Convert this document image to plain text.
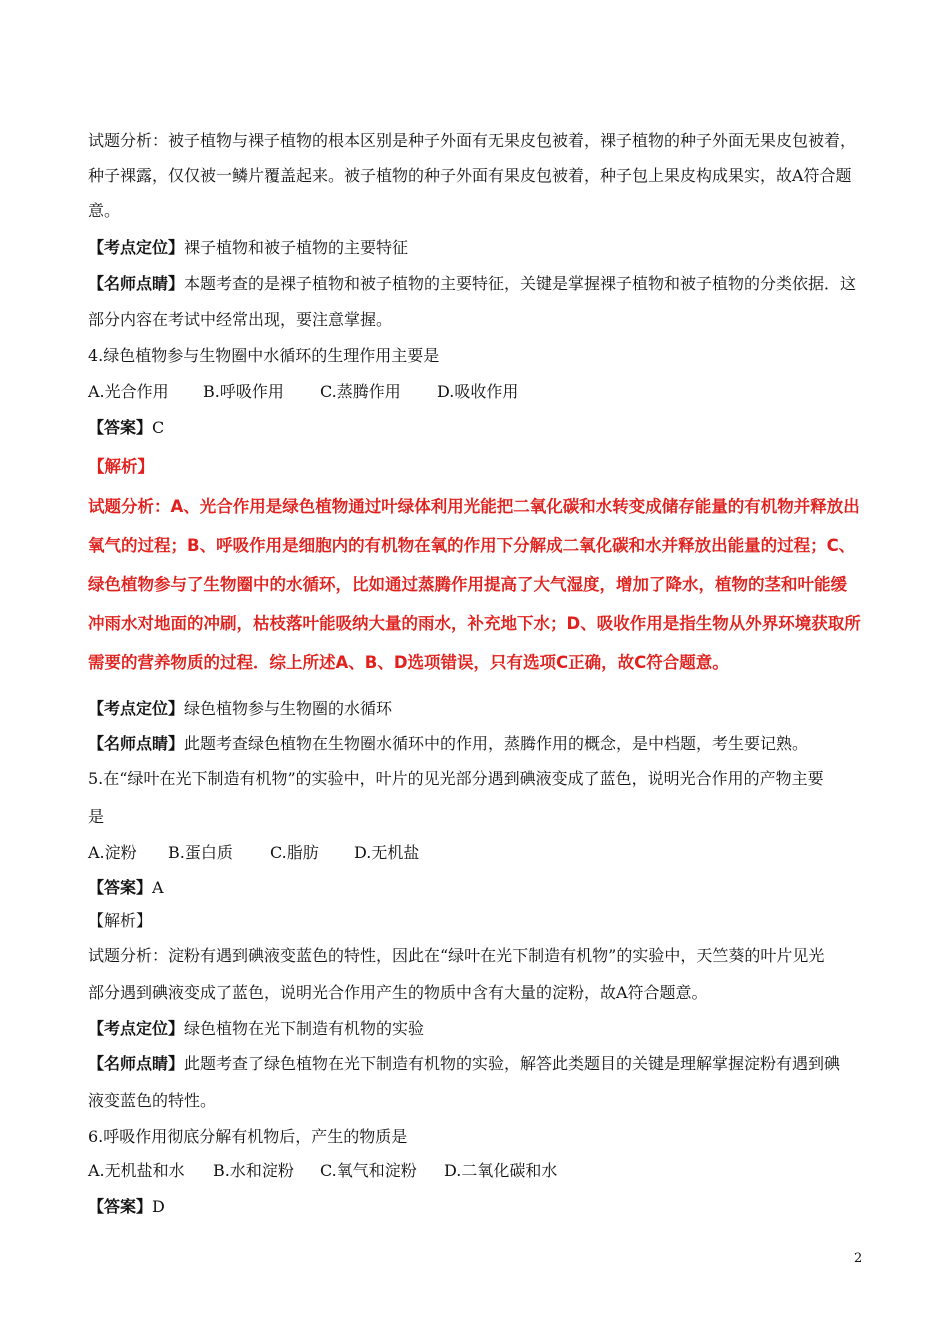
试题分析：被子植物与裸子植物的根本区别是种子外面有无果皮包被着，裸子植物的种子外面无果皮包被着，
种子裸露，仅仅被一鳞片覆盖起来。被子植物的种子外面有果皮包被着，种子包上果皮构成果实，故A符合题
意。
【考点定位】裸子植物和被子植物的主要特征
【名师点睛】本题考查的是裸子植物和被子植物的主要特征，关键是掌握裸子植物和被子植物的分类依据．这
部分内容在考试中经常出现，要注意掌握。
4.绿色植物参与生物圈中水循环的生理作用主要是
A.光合作用 B.呼吸作用 C.蒸腾作用 D.吸收作用
【答案】C
【解析】
试题分析：A、光合作用是绿色植物通过叶绿体利用光能把二氧化碳和水转变成储存能量的有机物并释放出
氧气的过程；B、呼吸作用是细胞内的有机物在氧的作用下分解成二氧化碳和水并释放出能量的过程；C、
绿色植物参与了生物圈中的水循环，比如通过蒸腾作用提高了大气湿度，增加了降水，植物的茎和叶能缓
冲雨水对地面的冲刷，枯枝落叶能吸纳大量的雨水，补充地下水；D、吸收作用是指生物从外界环境获取所
需要的营养物质的过程．综上所述A、B、D选项错误，只有选项C正确，故C符合题意。
【考点定位】绿色植物参与生物圈的水循环
【名师点睛】此题考查绿色植物在生物圈水循环中的作用，蒸腾作用的概念，是中档题，考生要记熟。
5.在“绿叶在光下制造有机物”的实验中，叶片的见光部分遇到碘液变成了蓝色，说明光合作用的产物主要
是
A.淀粉 B.蛋白质 C.脂肪 D.无机盐
【答案】A
【解析】
试题分析：淀粉有遇到碘液变蓝色的特性，因此在“绿叶在光下制造有机物”的实验中，天竺葵的叶片见光
部分遇到碘液变成了蓝色，说明光合作用产生的物质中含有大量的淀粉，故A符合题意。
【考点定位】绿色植物在光下制造有机物的实验
【名师点睛】此题考查了绿色植物在光下制造有机物的实验，解答此类题目的关键是理解掌握淀粉有遇到碘
液变蓝色的特性。
6.呼吸作用彻底分解有机物后，产生的物质是
A.无机盐和水 B.水和淀粉 C.氧气和淀粉 D.二氧化碳和水
【答案】D
2
